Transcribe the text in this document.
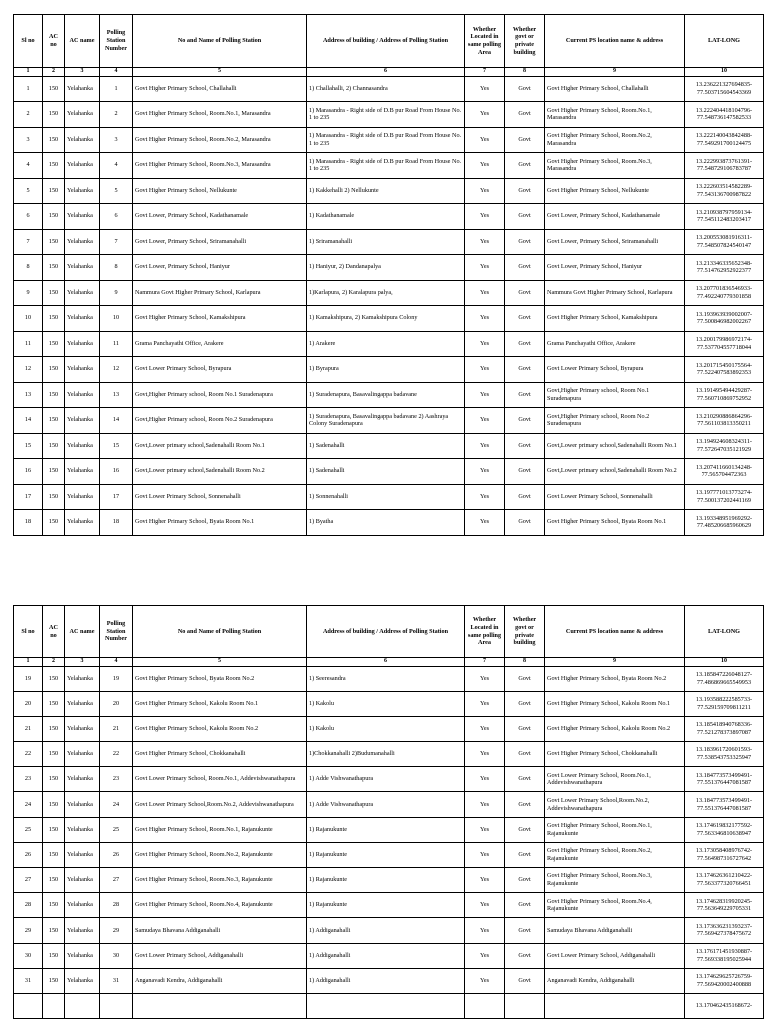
Sl no	AC no	AC name	Polling Station Number	No and Name of Polling Station	Address of building / Address of Polling Station	Whether Located in same polling Area	Whether govt or private building	Current PS location name & address	LAT-LONG
1	2	3	4	5	6	7	8	9	10
1	150	Yelahanka	1	Govt Higher Primary School, Challahalli	1) Challahalli, 2) Channasandra	Yes	Govt	Govt Higher Primary School, Challahalli	13.236221327694835-77.503715604543369
2	150	Yelahanka	2	Govt Higher Primary School, Room.No.1, Marasandra	1) Marasandra - Right side of D.B pur Road From House No. 1 to 235	Yes	Govt	Govt Higher Primary School, Room.No.1, Marasandra	13.222404418104796-77.548736147582533
3	150	Yelahanka	3	Govt Higher Primary School, Room.No.2, Marasandra	1) Marasandra - Right side of D.B pur Road From House No. 1 to 235	Yes	Govt	Govt Higher Primary School, Room.No.2, Marasandra	13.222140043842488-77.549291700124475
4	150	Yelahanka	4	Govt Higher Primary School, Room.No.3, Marasandra	1) Marasandra - Right side of D.B pur Road From House No. 1 to 235	Yes	Govt	Govt Higher Primary School, Room.No.3, Marasandra	13.222993873761391-77.548729106783787
5	150	Yelahanka	5	Govt Higher Primary School, Nellukunte	1) Kakkehalli 2) Nellukunte	Yes	Govt	Govt Higher Primary School, Nellukunte	13.222603514582289-77.543136700987822
6	150	Yelahanka	6	Govt Lower, Primary School, Kadathanamale	1) Kadathanamale	Yes	Govt	Govt Lower, Primary School, Kadathanamale	13.210938797959134-77.545112483203417
7	150	Yelahanka	7	Govt Lower, Primary School, Sriramanahalli	1) Sriramanahalli	Yes	Govt	Govt Lower, Primary School, Sriramanahalli	13.200553081916311-77.548507824540147
8	150	Yelahanka	8	Govt Lower, Primary School, Haniyur	1) Haniyur, 2) Dandanapalya	Yes	Govt	Govt Lower, Primary School, Haniyur	13.213346335652348-77.514762952922377
9	150	Yelahanka	9	Nammura Govt Higher Primary School, Karlapura	1)Karlapura, 2) Karalapura palya,	Yes	Govt	Nammura Govt Higher Primary School, Karlapura	13.207701836546933-77.492240779301858
10	150	Yelahanka	10	Govt Higher Primary School, Kamakshipura	1) Kamakshipura, 2) Kamakshipura Colony	Yes	Govt	Govt Higher Primary School, Kamakshipura	13.193963939002007-77.500846982002267
11	150	Yelahanka	11	Grama Panchayathi Office, Arakere	1) Arakere	Yes	Govt	Grama Panchayathi Office, Arakere	13.200179986972174-77.537704557718044
12	150	Yelahanka	12	Govt Lower Primary School, Byrapura	1) Byrapura	Yes	Govt	Govt Lower Primary School, Byrapura	13.201715450175564-77.522407583892353
13	150	Yelahanka	13	Govt,Higher Primary school, Room No.1 Suradenapura	1) Suradenapura, Basavalingappa badavane	Yes	Govt	Govt,Higher Primary school, Room No.1 Suradenapura	13.191495494429287-77.560710869752952
14	150	Yelahanka	14	Govt,Higher Primary school, Room No.2 Suradenapura	1) Suradenapura, Basavalingappa badavane 2) Aashraya Colony Suradenapura	Yes	Govt	Govt,Higher Primary school, Room No.2 Suradenapura	13.210290886864296-77.561103813350211
15	150	Yelahanka	15	Govt,Lower primary school,Sadenahalli Room No.1	1) Sadenahalli	Yes	Govt	Govt,Lower primary school,Sadenahalli Room No.1	13.194924608324311-77.572647035121929
16	150	Yelahanka	16	Govt,Lower primary school,Sadenahalli Room No.2	1) Sadenahalli	Yes	Govt	Govt,Lower primary school,Sadenahalli Room No.2	13.207411660134248-77.565704472363
17	150	Yelahanka	17	Govt Lower Primary School, Sonnenahalli	1) Sonnenahalli	Yes	Govt	Govt Lower Primary School, Sonnenahalli	13.197771013773274-77.500137202441169
18	150	Yelahanka	18	Govt Higher Primary School, Byata Room No.1	1) Byatha	Yes	Govt	Govt Higher Primary School, Byata Room No.1	13.193348951969292-77.485206685960629
Sl no	AC no	AC name	Polling Station Number	No and Name of Polling Station	Address of building / Address of Polling Station	Whether Located in same polling Area	Whether govt or private building	Current PS location name & address	LAT-LONG
1	2	3	4	5	6	7	8	9	10
19	150	Yelahanka	19	Govt Higher Primary School, Byata Room No.2	1) Seeresandra	Yes	Govt	Govt Higher Primary School, Byata Room No.2	13.185847226048127-77.486869665549953
20	150	Yelahanka	20	Govt Higher Primary School, Kakolu Room No.1	1) Kakolu	Yes	Govt	Govt Higher Primary School, Kakolu Room No.1	13.193588222585733-77.529159709811211
21	150	Yelahanka	21	Govt Higher Primary School, Kakolu Room No.2	1) Kakolu	Yes	Govt	Govt Higher Primary School, Kakolu Room No.2	13.185418940768336-77.521278373897087
22	150	Yelahanka	22	Govt Higher Primary School, Chokkanahalli	1)Chokkanahalli 2)Budumanahalli	Yes	Govt	Govt Higher Primary School, Chokkanahalli	13.183961720601593-77.538543753325947
23	150	Yelahanka	23	Govt Lower Primary School, Room.No.1, Addevishwanathapura	1) Adde Vishwanathapura	Yes	Govt	Govt Lower Primary School, Room.No.1, Addevishwanathapura	13.184773573499491-77.551376447081587
24	150	Yelahanka	24	Govt Lower Primary School,Room.No.2, Addevishwanathapura	1) Adde Vishwanathapura	Yes	Govt	Govt Lower Primary School,Room.No.2, Addevishwanathapura	13.184773573499491-77.551376447081587
25	150	Yelahanka	25	Govt Higher Primary School, Room.No.1, Rajanukunte	1) Rajanukunte	Yes	Govt	Govt Higher Primary School, Room.No.1, Rajanukunte	13.174619832177592-77.563346810638947
26	150	Yelahanka	26	Govt Higher Primary School, Room.No.2, Rajanukunte	1) Rajanukunte	Yes	Govt	Govt Higher Primary School, Room.No.2, Rajanukunte	13.173058408976742-77.564987316727642
27	150	Yelahanka	27	Govt Higher Primary School, Room.No.3, Rajanukunte	1) Rajanukunte	Yes	Govt	Govt Higher Primary School, Room.No.3, Rajanukunte	13.174626361210422-77.563377320766451
28	150	Yelahanka	28	Govt Higher Primary School, Room.No.4, Rajanukunte	1) Rajanukunte	Yes	Govt	Govt Higher Primary School, Room.No.4, Rajanukunte	13.174628319920245-77.563649229705331
29	150	Yelahanka	29	Samudaya Bhavana Addiganahalli	1) Addiganahalli	Yes	Govt	Samudaya Bhavana Addiganahalli	13.173636231393237-77.569427378475672
30	150	Yelahanka	30	Govt Lower Primary School, Addiganahalli	1) Addiganahalli	Yes	Govt	Govt Lower Primary School, Addiganahalli	13.176171451930887-77.569338195025944
31	150	Yelahanka	31	Anganavadi Kendra, Addiganahalli	1) Addiganahalli	Yes	Govt	Anganavadi Kendra, Addiganahalli	13.174629625726759-77.569420002400888
									13.170462435168672-
